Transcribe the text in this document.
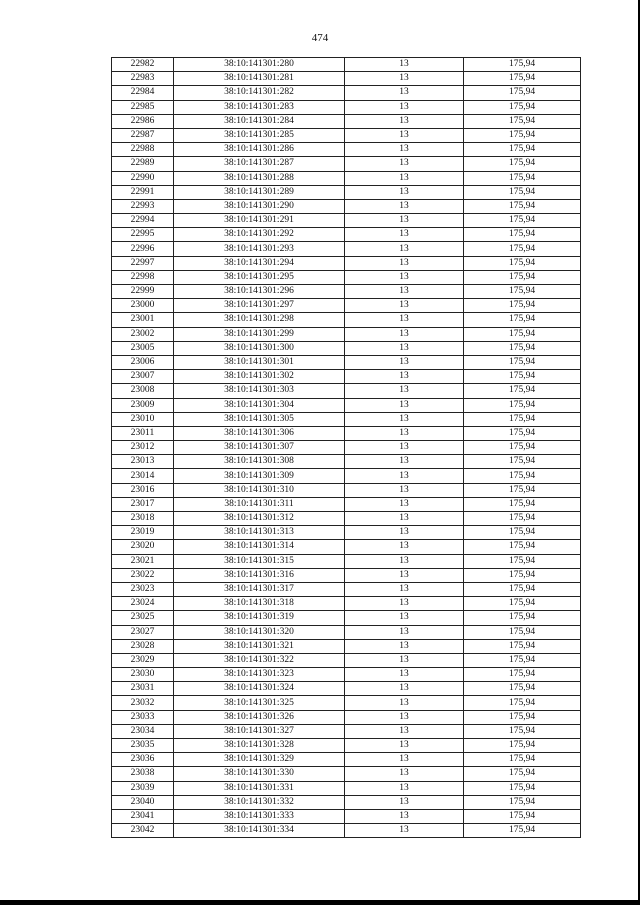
474
22982	38:10:141301:280	13	175,94
22983	38:10:141301:281	13	175,94
22984	38:10:141301:282	13	175,94
22985	38:10:141301:283	13	175,94
22986	38:10:141301:284	13	175,94
22987	38:10:141301:285	13	175,94
22988	38:10:141301:286	13	175,94
22989	38:10:141301:287	13	175,94
22990	38:10:141301:288	13	175,94
22991	38:10:141301:289	13	175,94
22993	38:10:141301:290	13	175,94
22994	38:10:141301:291	13	175,94
22995	38:10:141301:292	13	175,94
22996	38:10:141301:293	13	175,94
22997	38:10:141301:294	13	175,94
22998	38:10:141301:295	13	175,94
22999	38:10:141301:296	13	175,94
23000	38:10:141301:297	13	175,94
23001	38:10:141301:298	13	175,94
23002	38:10:141301:299	13	175,94
23005	38:10:141301:300	13	175,94
23006	38:10:141301:301	13	175,94
23007	38:10:141301:302	13	175,94
23008	38:10:141301:303	13	175,94
23009	38:10:141301:304	13	175,94
23010	38:10:141301:305	13	175,94
23011	38:10:141301:306	13	175,94
23012	38:10:141301:307	13	175,94
23013	38:10:141301:308	13	175,94
23014	38:10:141301:309	13	175,94
23016	38:10:141301:310	13	175,94
23017	38:10:141301:311	13	175,94
23018	38:10:141301:312	13	175,94
23019	38:10:141301:313	13	175,94
23020	38:10:141301:314	13	175,94
23021	38:10:141301:315	13	175,94
23022	38:10:141301:316	13	175,94
23023	38:10:141301:317	13	175,94
23024	38:10:141301:318	13	175,94
23025	38:10:141301:319	13	175,94
23027	38:10:141301:320	13	175,94
23028	38:10:141301:321	13	175,94
23029	38:10:141301:322	13	175,94
23030	38:10:141301:323	13	175,94
23031	38:10:141301:324	13	175,94
23032	38:10:141301:325	13	175,94
23033	38:10:141301:326	13	175,94
23034	38:10:141301:327	13	175,94
23035	38:10:141301:328	13	175,94
23036	38:10:141301:329	13	175,94
23038	38:10:141301:330	13	175,94
23039	38:10:141301:331	13	175,94
23040	38:10:141301:332	13	175,94
23041	38:10:141301:333	13	175,94
23042	38:10:141301:334	13	175,94
